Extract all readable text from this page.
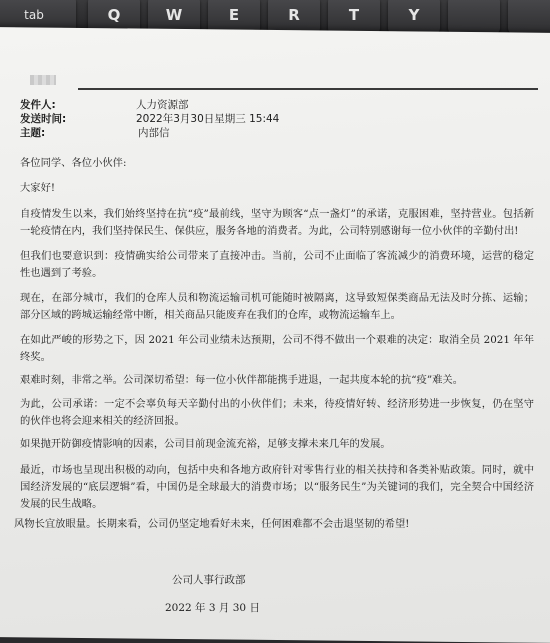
tab	Q	W	E	R	T	Y
发件人:	人力资源部
发送时间:	2022年3月30日星期三 15:44
主题:	内部信

各位同学、各位小伙伴:

大家好!

自疫情发生以来，我们始终坚持在抗“疫”最前线，坚守为顾客“点一盏灯”的承诺，克服困难，坚持营业。包括新一轮疫情在内，我们坚持保民生、保供应，服务各地的消费者。为此，公司特别感谢每一位小伙伴的辛勤付出!

但我们也要意识到：疫情确实给公司带来了直接冲击。当前，公司不止面临了客流减少的消费环境，运营的稳定性也遇到了考验。

现在，在部分城市，我们的仓库人员和物流运输司机可能随时被隔离，这导致短保类商品无法及时分拣、运输；部分区域的跨城运输经常中断，相关商品只能废弃在我们的仓库，或物流运输车上。

在如此严峻的形势之下，因 2021 年公司业绩未达预期，公司不得不做出一个艰难的决定：取消全员 2021 年年终奖。

艰难时刻，非常之举。公司深切希望：每一位小伙伴都能携手进退，一起共度本轮的抗“疫”难关。

为此，公司承诺：一定不会辜负每天辛勤付出的小伙伴们；未来，待疫情好转、经济形势进一步恢复，仍在坚守的伙伴也将会迎来相关的经济回报。

如果抛开防御疫情影响的因素，公司目前现金流充裕，足够支撑未来几年的发展。

最近，市场也呈现出积极的动向，包括中央和各地方政府针对零售行业的相关扶持和各类补贴政策。同时，就中国经济发展的“底层逻辑”看，中国仍是全球最大的消费市场；以“服务民生”为关键词的我们，完全契合中国经济发展的民生战略。

风物长宜放眼量。长期来看，公司仍坚定地看好未来，任何困难都不会击退坚韧的希望!

公司人事行政部
2022 年 3 月 30 日
